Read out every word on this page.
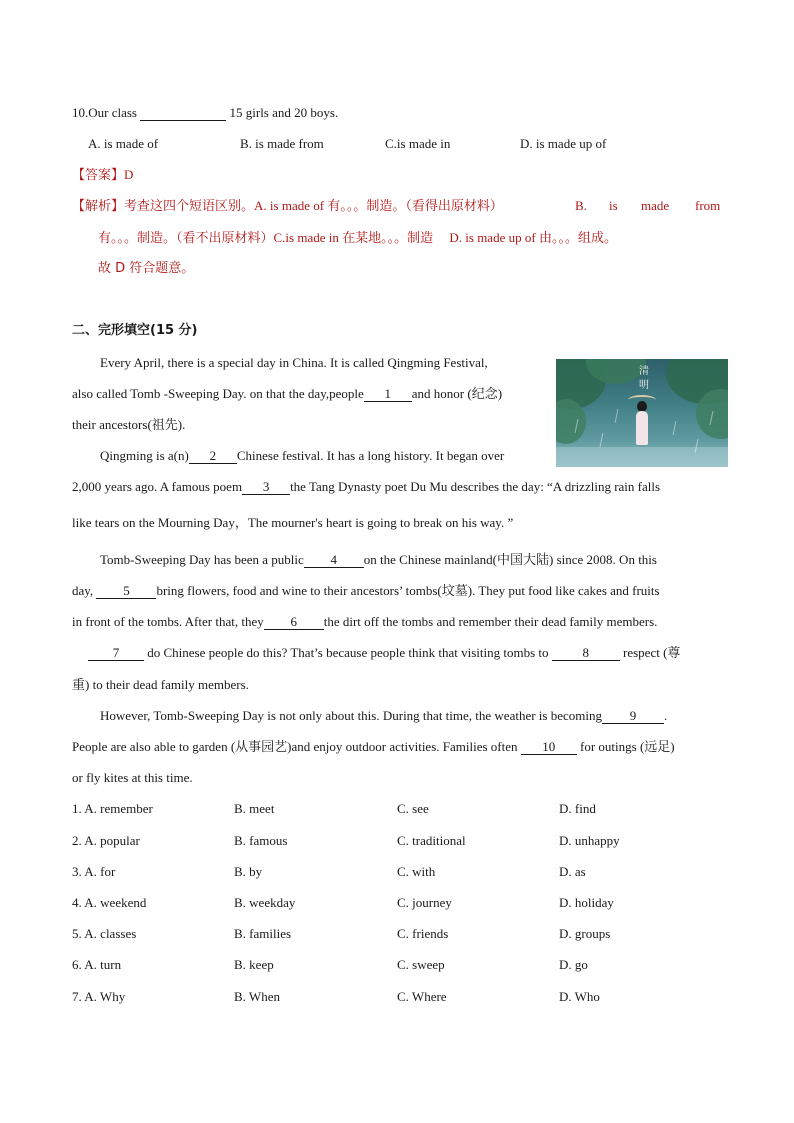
10.Our class	15 girls and 20 boys.
A. is made of	B. is made from	C.is made in	D. is made up of
【答案】D
【解析】考查这四个短语区别。A. is made of 有。。。制造。（看得出原材料）	B. is made from
有。。。制造。（看不出原材料）C.is made in 在某地。。。制造 D. is made up of 由。。。组成。
故 D 符合题意。
二、完形填空(15 分)
清明
Every April, there is a special day in China. It is called Qingming Festival,
also called Tomb -Sweeping Day. on that the day,people 1 and honor (纪念)
their ancestors(祖先).
Qingming is a(n) 2 Chinese festival. It has a long history. It began over
2,000 years ago. A famous poem 3 the Tang Dynasty poet Du Mu describes the day: “A drizzling rain falls
like tears on the Mourning Day，The mourner's heart is going to break on his way. ”
Tomb-Sweeping Day has been a public 4 on the Chinese mainland(中国大陆) since 2008. On this
day, 5 bring flowers, food and wine to their ancestors’ tombs(坟墓). They put food like cakes and fruits
in front of the tombs. After that, they 6 the dirt off the tombs and remember their dead family members.
7 do Chinese people do this? That’s because people think that visiting tombs to	8	respect (尊
重) to their dead family members.
However, Tomb-Sweeping Day is not only about this. During that time, the weather is becoming 9 .
People are also able to garden (从事园艺)and enjoy outdoor activities. Families often 10 for outings (远足)
or fly kites at this time.
1. A. remember	B. meet	C. see	D. find
2. A. popular	B. famous	C. traditional	D. unhappy
3. A. for	B. by	C. with	D. as
4. A. weekend	B. weekday	C. journey	D. holiday
5. A. classes	B. families	C. friends	D. groups
6. A. turn	B. keep	C. sweep	D. go
7. A. Why	B. When	C. Where	D. Who
